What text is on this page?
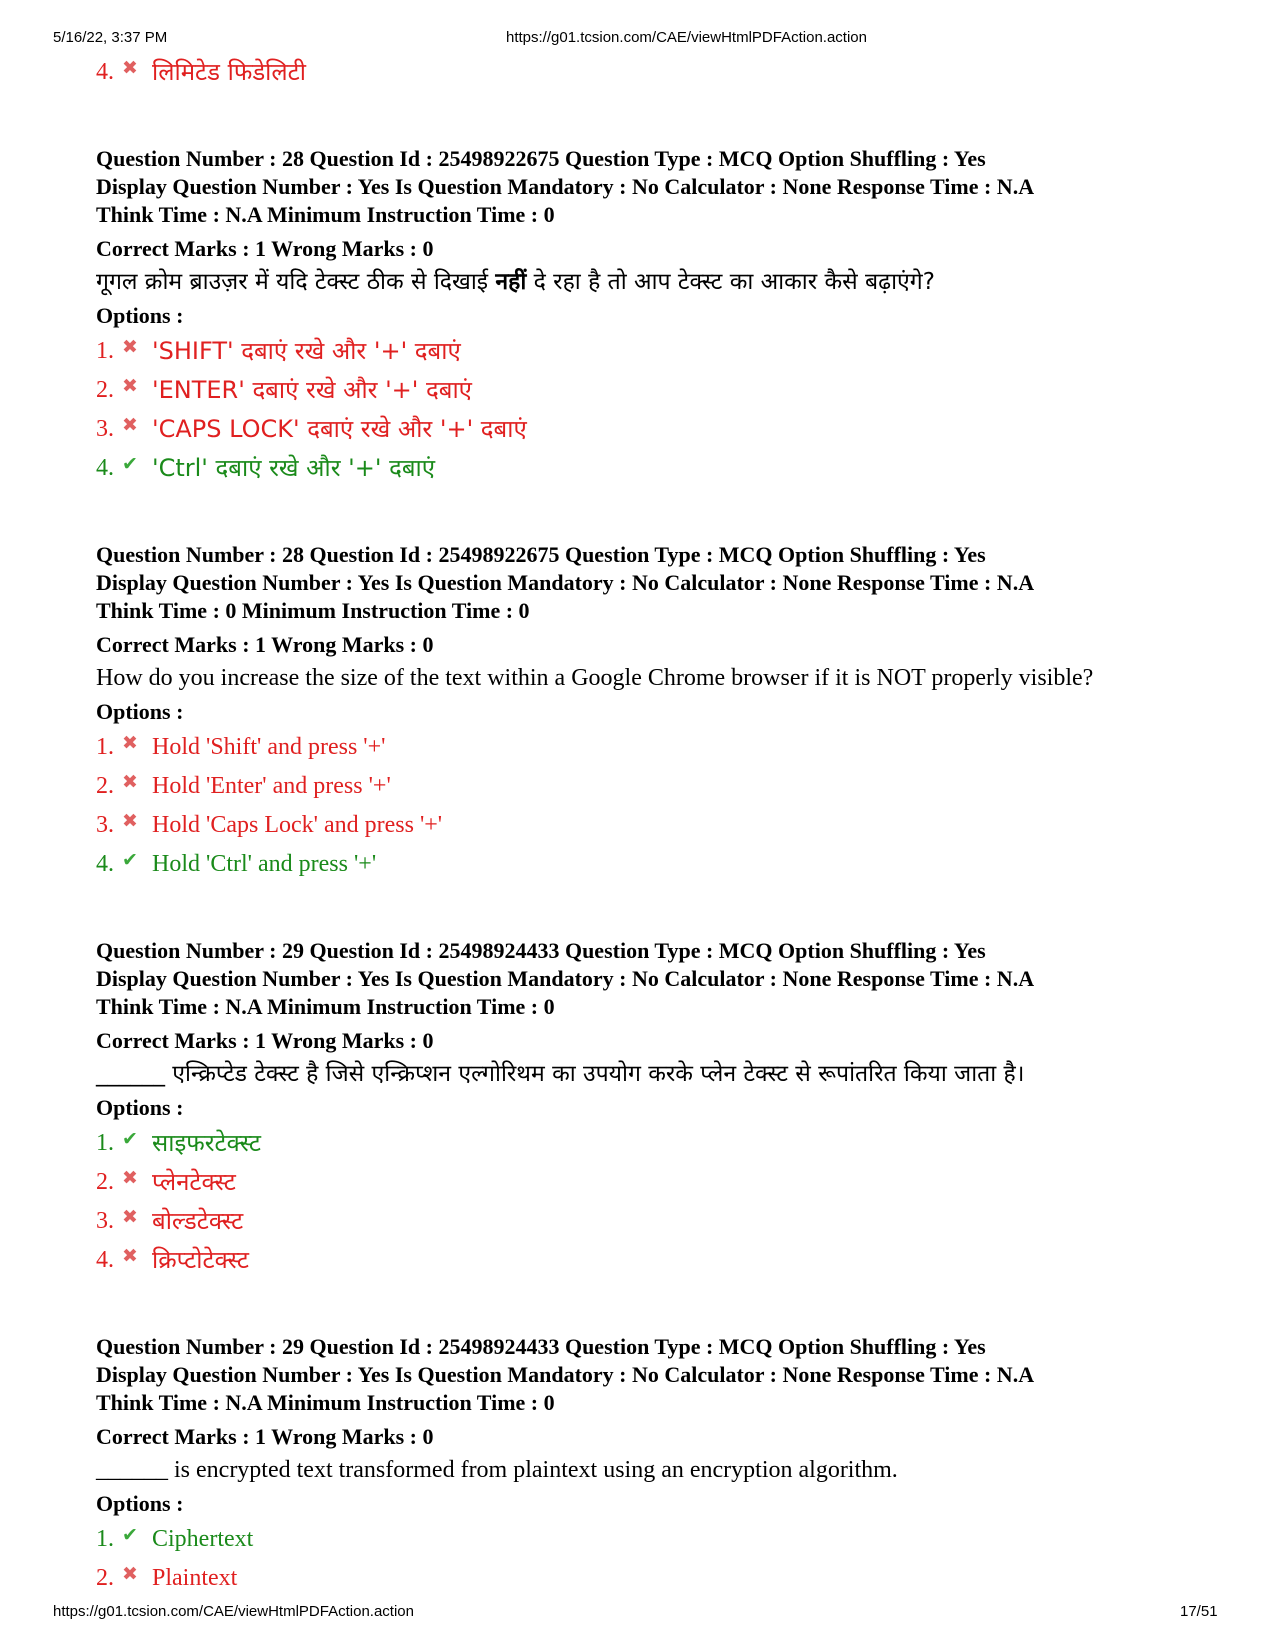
5/16/22, 3:37 PM	https://g01.tcsion.com/CAE/viewHtmlPDFAction.action
4. ✖ लिमिटेड फिडेलिटी
Question Number : 28 Question Id : 25498922675 Question Type : MCQ Option Shuffling : Yes
Display Question Number : Yes Is Question Mandatory : No Calculator : None Response Time : N.A
Think Time : N.A Minimum Instruction Time : 0
Correct Marks : 1 Wrong Marks : 0
गूगल क्रोम ब्राउज़र में यदि टेक्स्ट ठीक से दिखाई नहीं दे रहा है तो आप टेक्स्ट का आकार कैसे बढ़ाएंगे?
Options :
1. ✖ 'SHIFT' दबाएं रखे और '+' दबाएं
2. ✖ 'ENTER' दबाएं रखे और '+' दबाएं
3. ✖ 'CAPS LOCK' दबाएं रखे और '+' दबाएं
4. ✔ 'Ctrl' दबाएं रखे और '+' दबाएं
Question Number : 28 Question Id : 25498922675 Question Type : MCQ Option Shuffling : Yes
Display Question Number : Yes Is Question Mandatory : No Calculator : None Response Time : N.A
Think Time : 0 Minimum Instruction Time : 0
Correct Marks : 1 Wrong Marks : 0
How do you increase the size of the text within a Google Chrome browser if it is NOT properly visible?
Options :
1. ✖ Hold 'Shift' and press '+'
2. ✖ Hold 'Enter' and press '+'
3. ✖ Hold 'Caps Lock' and press '+'
4. ✔ Hold 'Ctrl' and press '+'
Question Number : 29 Question Id : 25498924433 Question Type : MCQ Option Shuffling : Yes
Display Question Number : Yes Is Question Mandatory : No Calculator : None Response Time : N.A
Think Time : N.A Minimum Instruction Time : 0
Correct Marks : 1 Wrong Marks : 0
______ एन्क्रिप्टेड टेक्स्ट है जिसे एन्क्रिप्शन एल्गोरिथम का उपयोग करके प्लेन टेक्स्ट से रूपांतरित किया जाता है।
Options :
1. ✔ साइफरटेक्स्ट
2. ✖ प्लेनटेक्स्ट
3. ✖ बोल्डटेक्स्ट
4. ✖ क्रिप्टोटेक्स्ट
Question Number : 29 Question Id : 25498924433 Question Type : MCQ Option Shuffling : Yes
Display Question Number : Yes Is Question Mandatory : No Calculator : None Response Time : N.A
Think Time : N.A Minimum Instruction Time : 0
Correct Marks : 1 Wrong Marks : 0
______ is encrypted text transformed from plaintext using an encryption algorithm.
Options :
1. ✔ Ciphertext
2. ✖ Plaintext
https://g01.tcsion.com/CAE/viewHtmlPDFAction.action	17/51
